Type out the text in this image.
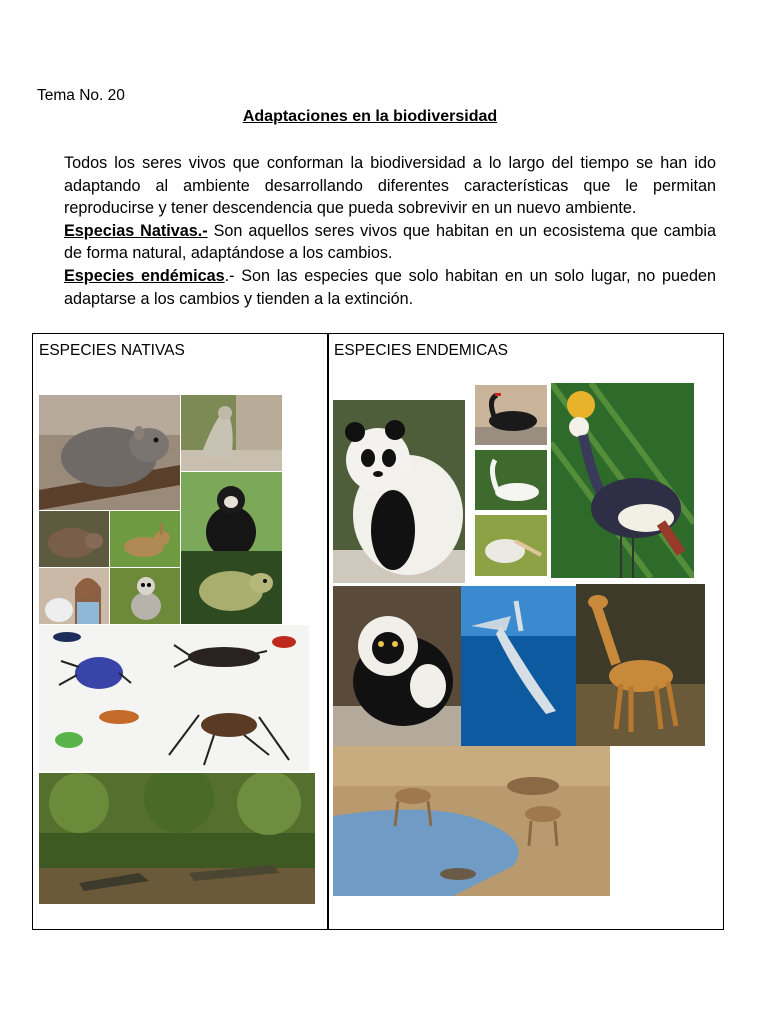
Tema No. 20
Adaptaciones en la biodiversidad

Todos los seres vivos que conforman la biodiversidad a lo largo del tiempo se han ido adaptando al ambiente desarrollando diferentes características que le permitan reproducirse y tener descendencia que pueda sobrevivir en un nuevo ambiente.

Especias Nativas.- Son aquellos seres vivos que habitan en un ecosistema que cambia de forma natural, adaptándose a los cambios.

Especies endémicas.- Son las especies que solo habitan en un solo lugar, no pueden adaptarse a los cambios y tienden a la extinción.

ESPECIES NATIVAS	ESPECIES ENDEMICAS
